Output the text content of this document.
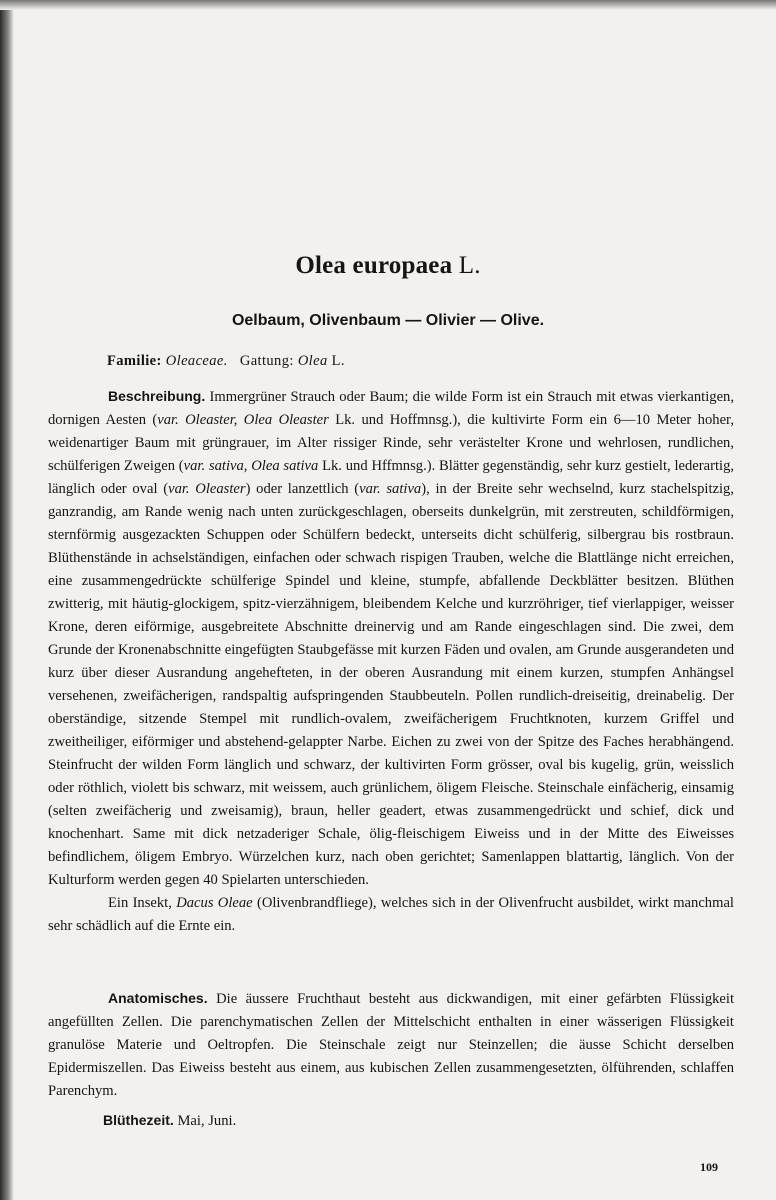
Olea europaea L.
Oelbaum, Olivenbaum — Olivier — Olive.
Familie: Oleaceae. Gattung: Olea L.

Beschreibung. Immergrüner Strauch oder Baum; die wilde Form ist ein Strauch mit etwas vierkantigen, dornigen Aesten (var. Oleaster, Olea Oleaster Lk. und Hoffmnsg.), die kultivirte Form ein 6—10 Meter hoher, weidenartiger Baum mit grüngrauer, im Alter rissiger Rinde, sehr verästelter Krone und wehrlosen, rundlichen, schülferigen Zweigen (var. sativa, Olea sativa Lk. und Hffmnsg.). Blätter gegenständig, sehr kurz gestielt, lederartig, länglich oder oval (var. Oleaster) oder lanzettlich (var. sativa), in der Breite sehr wechselnd, kurz stachelspitzig, ganzrandig, am Rande wenig nach unten zurückgeschlagen, oberseits dunkelgrün, mit zerstreuten, schildförmigen, sternförmig ausgezackten Schuppen oder Schülfern bedeckt, unterseits dicht schülferig, silbergrau bis rostbraun. Blüthenstände in achselständigen, einfachen oder schwach rispigen Trauben, welche die Blattlänge nicht erreichen, eine zusammengedrückte schülferige Spindel und kleine, stumpfe, abfallende Deckblätter besitzen. Blüthen zwitterig, mit häutig-glockigem, spitz-vierzähnigem, bleibendem Kelche und kurzröhriger, tief vierlappiger, weisser Krone, deren eiförmige, ausgebreitete Abschnitte dreinervig und am Rande eingeschlagen sind. Die zwei, dem Grunde der Kronenabschnitte eingefügten Staubgefässe mit kurzen Fäden und ovalen, am Grunde ausgerandeten und kurz über dieser Ausrandung angehefteten, in der oberen Ausrandung mit einem kurzen, stumpfen Anhängsel versehenen, zweifächerigen, randspaltig aufspringenden Staubbeuteln. Pollen rundlich-dreiseitig, dreinabelig. Der oberständige, sitzende Stempel mit rundlich-ovalem, zweifächerigem Fruchtknoten, kurzem Griffel und zweitheiliger, eiförmiger und abstehend-gelappter Narbe. Eichen zu zwei von der Spitze des Faches herabhängend. Steinfrucht der wilden Form länglich und schwarz, der kultivirten Form grösser, oval bis kugelig, grün, weisslich oder röthlich, violett bis schwarz, mit weissem, auch grünlichem, öligem Fleische. Steinschale einfächerig, einsamig (selten zweifächerig und zweisamig), braun, heller geadert, etwas zusammengedrückt und schief, dick und knochenhart. Same mit dick netzaderiger Schale, ölig-fleischigem Eiweiss und in der Mitte des Eiweisses befindlichem, öligem Embryo. Würzelchen kurz, nach oben gerichtet; Samenlappen blattartig, länglich. Von der Kulturform werden gegen 40 Spielarten unterschieden.

Ein Insekt, Dacus Oleae (Olivenbrandfliege), welches sich in der Olivenfrucht ausbildet, wirkt manchmal sehr schädlich auf die Ernte ein.

Anatomisches. Die äussere Fruchthaut besteht aus dickwandigen, mit einer gefärbten Flüssigkeit angefüllten Zellen. Die parenchymatischen Zellen der Mittelschicht enthalten in einer wässerigen Flüssigkeit granulöse Materie und Oeltropfen. Die Steinschale zeigt nur Steinzellen; die äusse Schicht derselben Epidermiszellen. Das Eiweiss besteht aus einem, aus kubischen Zellen zusammengesetzten, ölführenden, schlaffen Parenchym.

Blüthezeit. Mai, Juni.
109
